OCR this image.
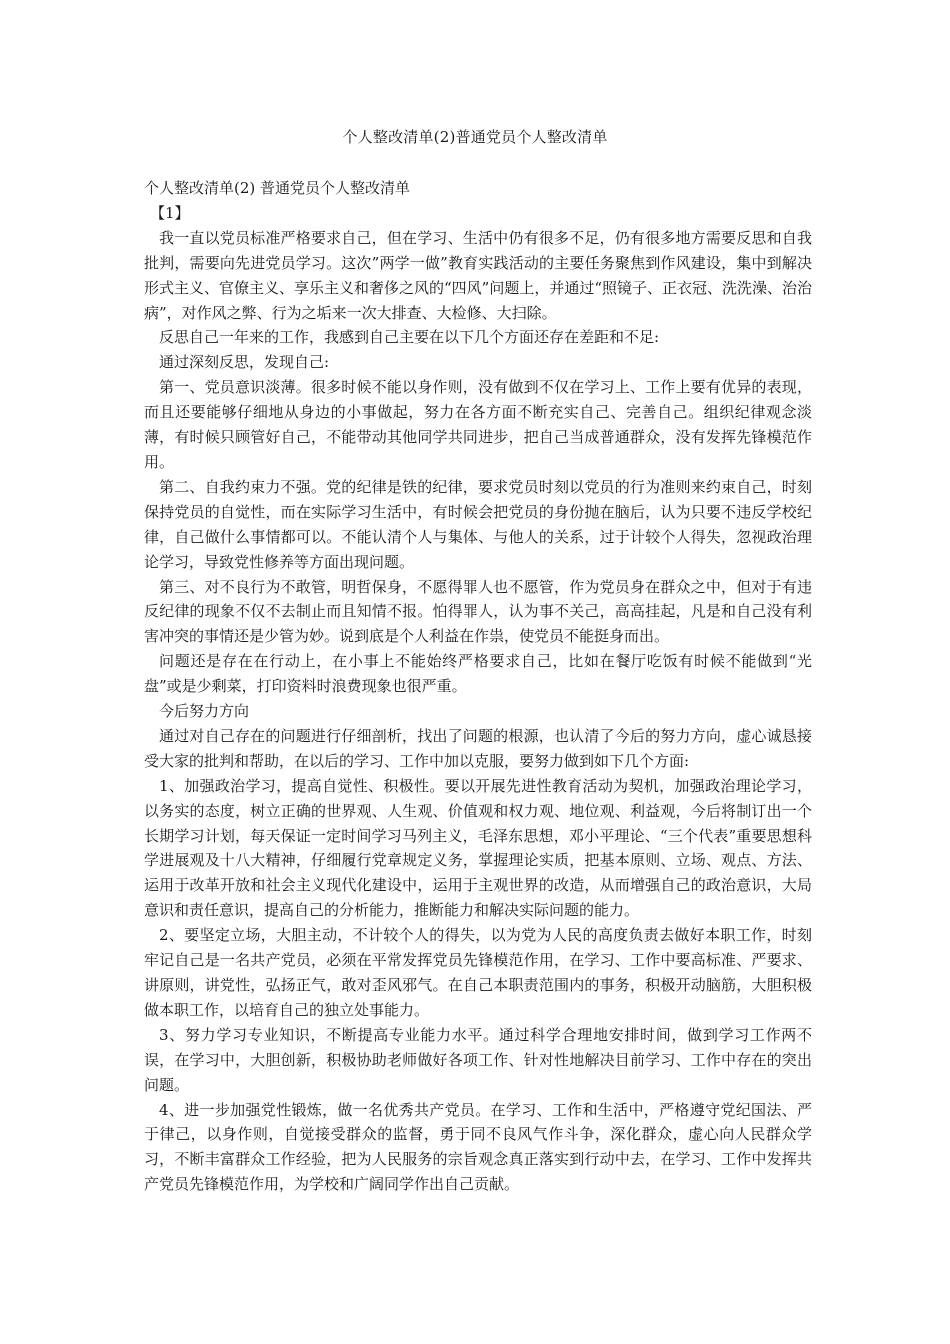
个人整改清单(2)普通党员个人整改清单

个人整改清单(2) 普通党员个人整改清单

【1】

我一直以党员标准严格要求自己，但在学习、生活中仍有很多不足，仍有很多地方需要反思和自我批判，需要向先进党员学习。这次”两学一做”教育实践活动的主要任务聚焦到作风建设，集中到解决形式主义、官僚主义、享乐主义和奢侈之风的“四风”问题上，并通过“照镜子、正衣冠、洗洗澡、治治病”，对作风之弊、行为之垢来一次大排查、大检修、大扫除。

反思自己一年来的工作，我感到自己主要在以下几个方面还存在差距和不足:

通过深刻反思，发现自己:

第一、党员意识淡薄。很多时候不能以身作则，没有做到不仅在学习上、工作上要有优异的表现，而且还要能够仔细地从身边的小事做起，努力在各方面不断充实自己、完善自己。组织纪律观念淡薄，有时候只顾管好自己，不能带动其他同学共同进步，把自己当成普通群众，没有发挥先锋模范作用。

第二、自我约束力不强。党的纪律是铁的纪律，要求党员时刻以党员的行为准则来约束自己，时刻保持党员的自觉性，而在实际学习生活中，有时候会把党员的身份抛在脑后，认为只要不违反学校纪律，自己做什么事情都可以。不能认清个人与集体、与他人的关系，过于计较个人得失，忽视政治理论学习，导致党性修养等方面出现问题。

第三、对不良行为不敢管，明哲保身，不愿得罪人也不愿管，作为党员身在群众之中，但对于有违反纪律的现象不仅不去制止而且知情不报。怕得罪人，认为事不关己，高高挂起，凡是和自己没有利害冲突的事情还是少管为妙。说到底是个人利益在作祟，使党员不能挺身而出。

问题还是存在在行动上，在小事上不能始终严格要求自己，比如在餐厅吃饭有时候不能做到“光盘”或是少剩菜，打印资料时浪费现象也很严重。

今后努力方向

通过对自己存在的问题进行仔细剖析，找出了问题的根源，也认清了今后的努力方向，虚心诚恳接受大家的批判和帮助，在以后的学习、工作中加以克服，要努力做到如下几个方面:

1、加强政治学习，提高自觉性、积极性。要以开展先进性教育活动为契机，加强政治理论学习，以务实的态度，树立正确的世界观、人生观、价值观和权力观、地位观、利益观，今后将制订出一个长期学习计划，每天保证一定时间学习马列主义，毛泽东思想，邓小平理论、“三个代表”重要思想科学进展观及十八大精神，仔细履行党章规定义务，掌握理论实质，把基本原则、立场、观点、方法、运用于改革开放和社会主义现代化建设中，运用于主观世界的改造，从而增强自己的政治意识，大局意识和责任意识，提高自己的分析能力，推断能力和解决实际问题的能力。

2、要坚定立场，大胆主动，不计较个人的得失，以为党为人民的高度负责去做好本职工作，时刻牢记自己是一名共产党员，必须在平常发挥党员先锋模范作用，在学习、工作中要高标准、严要求、讲原则，讲党性，弘扬正气，敢对歪风邪气。在自己本职责范围内的事务，积极开动脑筋，大胆积极做本职工作，以培育自己的独立处事能力。

3、努力学习专业知识，不断提高专业能力水平。通过科学合理地安排时间，做到学习工作两不误，在学习中，大胆创新，积极协助老师做好各项工作、针对性地解决目前学习、工作中存在的突出问题。

4、进一步加强党性锻炼，做一名优秀共产党员。在学习、工作和生活中，严格遵守党纪国法、严于律己，以身作则，自觉接受群众的监督，勇于同不良风气作斗争，深化群众，虚心向人民群众学习，不断丰富群众工作经验，把为人民服务的宗旨观念真正落实到行动中去，在学习、工作中发挥共产党员先锋模范作用，为学校和广阔同学作出自己贡献。
